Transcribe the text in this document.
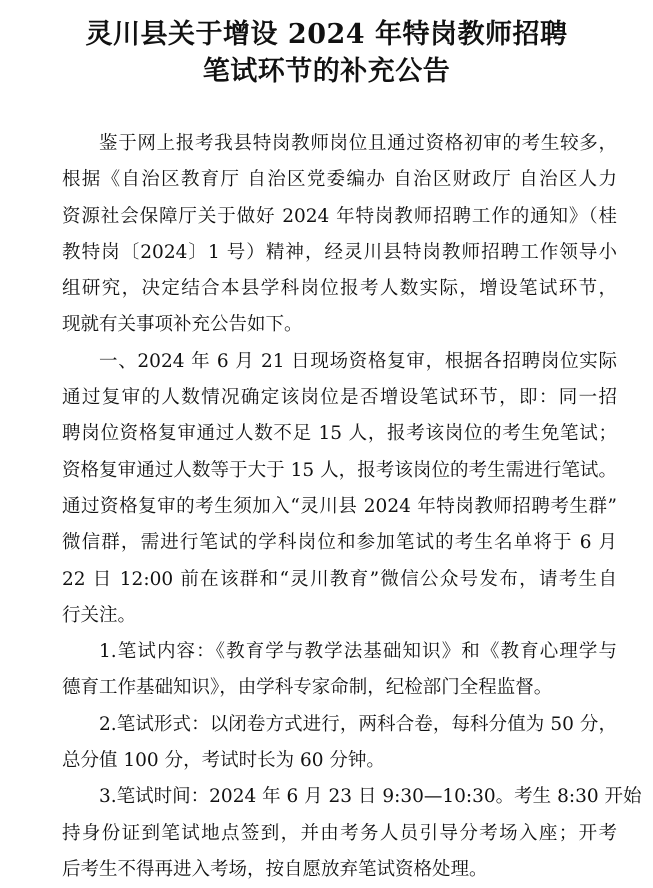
灵川县关于增设 2024 年特岗教师招聘
笔试环节的补充公告
鉴于网上报考我县特岗教师岗位且通过资格初审的考生较多，
根据《自治区教育厅 自治区党委编办 自治区财政厅 自治区人力
资源社会保障厅关于做好 2024 年特岗教师招聘工作的通知》（桂
教特岗〔2024〕1 号）精神，经灵川县特岗教师招聘工作领导小
组研究，决定结合本县学科岗位报考人数实际，增设笔试环节，
现就有关事项补充公告如下。
一、2024 年 6 月 21 日现场资格复审，根据各招聘岗位实际
通过复审的人数情况确定该岗位是否增设笔试环节，即：同一招
聘岗位资格复审通过人数不足 15 人，报考该岗位的考生免笔试；
资格复审通过人数等于大于 15 人，报考该岗位的考生需进行笔试。
通过资格复审的考生须加入“灵川县 2024 年特岗教师招聘考生群”
微信群，需进行笔试的学科岗位和参加笔试的考生名单将于 6 月
22 日 12:00 前在该群和“灵川教育”微信公众号发布，请考生自
行关注。
1.笔试内容：《教育学与教学法基础知识》和《教育心理学与
德育工作基础知识》，由学科专家命制，纪检部门全程监督。
2.笔试形式：以闭卷方式进行，两科合卷，每科分值为 50 分，
总分值 100 分，考试时长为 60 分钟。
3.笔试时间：2024 年 6 月 23 日 9:30—10:30。考生 8:30 开始
持身份证到笔试地点签到，并由考务人员引导分考场入座；开考
后考生不得再进入考场，按自愿放弃笔试资格处理。
